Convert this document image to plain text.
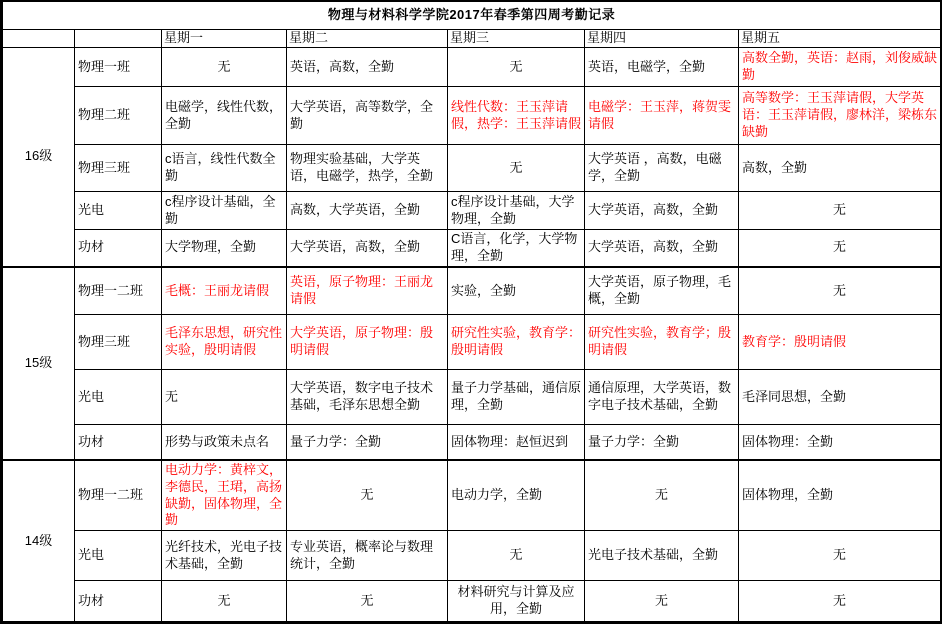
物理与材料科学学院2017年春季第四周考勤记录						
		星期一	星期二	星期三	星期四	星期五
16级	物理一班	无	英语，高数，全勤	无	英语，电磁学，全勤	高数全勤，英语：赵雨，刘俊威缺勤
	物理二班	电磁学，线性代数，全勤	大学英语，高等数学，全勤	线性代数：王玉萍请假，热学：王玉萍请假	电磁学：王玉萍，蒋贺雯请假	高等数学：王玉萍请假，大学英语：王玉萍请假，廖林洋，梁栋东缺勤
	物理三班	c语言，线性代数全勤	物理实验基础，大学英语，电磁学，热学，全勤	无	大学英语 ，高数，电磁学，全勤	高数，全勤
	光电	c程序设计基础，全勤	高数，大学英语，全勤	c程序设计基础，大学物理，全勤	大学英语，高数，全勤	无
	功材	大学物理，全勤	大学英语，高数，全勤	C语言，化学，大学物理，全勤	大学英语，高数，全勤	无
15级	物理一二班	毛概：王丽龙请假	英语，原子物理：王丽龙请假	实验，全勤	大学英语，原子物理，毛概，全勤	无
	物理三班	毛泽东思想，研究性实验，殷明请假	大学英语，原子物理：殷明请假	研究性实验，教育学：殷明请假	研究性实验，教育学；殷明请假	教育学：殷明请假
	光电	无	大学英语，数字电子技术基础，毛泽东思想全勤	量子力学基础，通信原理，全勤	通信原理，大学英语，数字电子技术基础，全勤	毛泽同思想，全勤
	功材	形势与政策未点名	量子力学：全勤	固体物理：赵恒迟到	量子力学：全勤	固体物理：全勤
14级	物理一二班	电动力学：黄梓文，李德民，王珺，高扬缺勤，固体物理，全勤	无	电动力学，全勤	无	固体物理，全勤
	光电	光纤技术，光电子技术基础，全勤	专业英语，概率论与数理统计，全勤	无	光电子技术基础，全勤	无
	功材	无	无	材料研究与计算及应用，全勤	无	无
